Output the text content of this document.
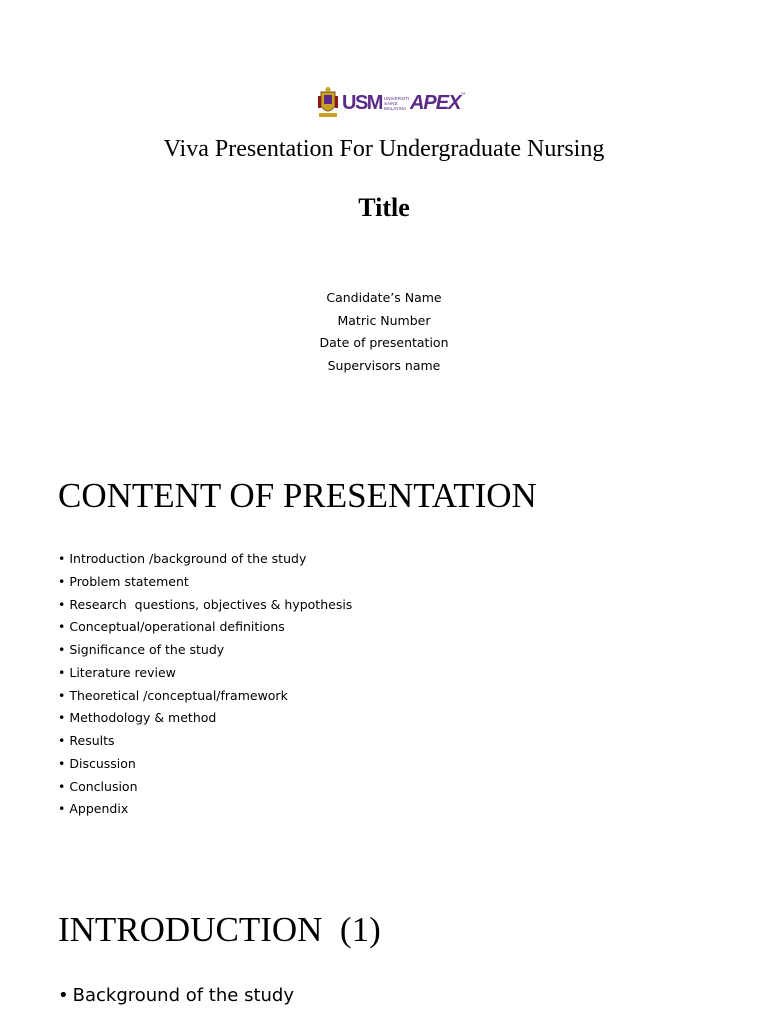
USM UNIVERSITI SAINS MALAYSIA APEX ™
Viva Presentation For Undergraduate Nursing
Title
Candidate’s Name
Matric Number
Date of presentation
Supervisors name
CONTENT OF PRESENTATION
• Introduction /background of the study
• Problem statement
• Research  questions, objectives & hypothesis
• Conceptual/operational definitions
• Significance of the study
• Literature review
• Theoretical /conceptual/framework
• Methodology & method
• Results
• Discussion
• Conclusion
• Appendix
INTRODUCTION  (1)
• Background of the study
